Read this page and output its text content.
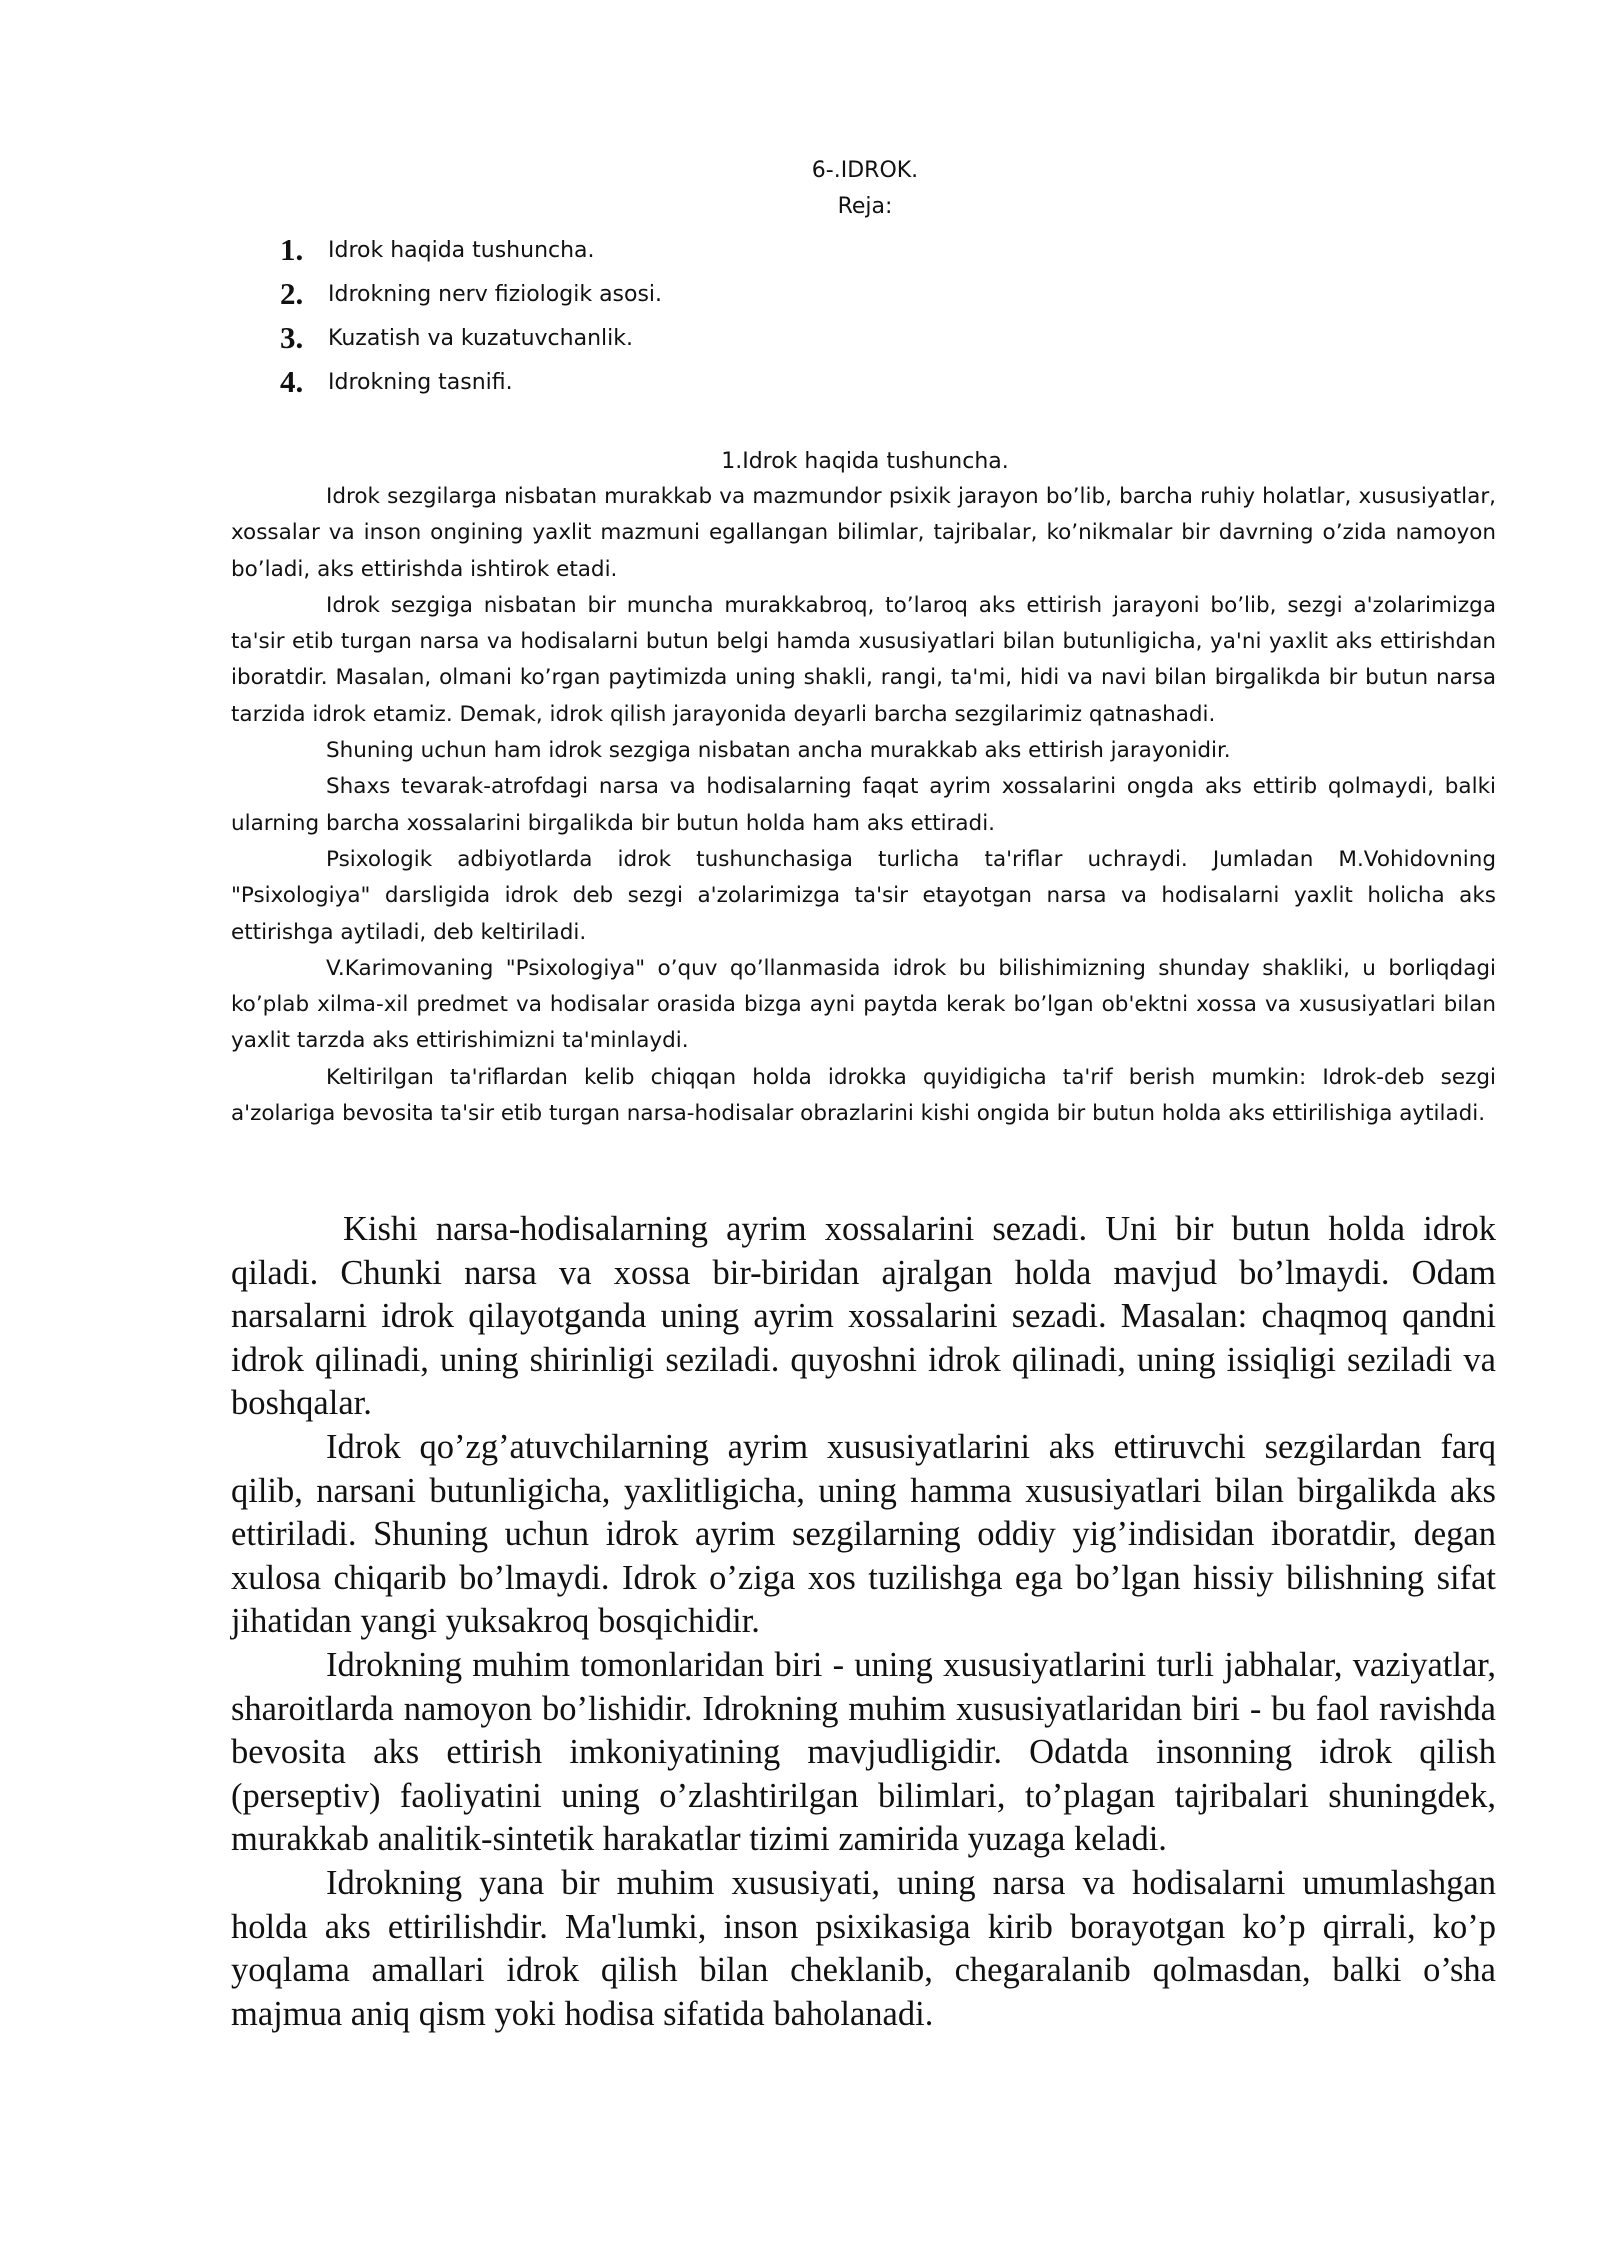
6-.IDROK.
Reja:
1.	Idrok haqida tushuncha.
2.	Idrokning nerv fiziologik asosi.
3.	Kuzatish va kuzatuvchanlik.
4.	Idrokning tasnifi.
1.Idrok haqida tushuncha.

Idrok sezgilarga nisbatan murakkab va mazmundor psixik jarayon bo’lib, barcha ruhiy holatlar, xususiyatlar, xossalar va inson ongining yaxlit mazmuni egallangan bilimlar, tajribalar, ko’nikmalar bir davrning o’zida namoyon bo’ladi, aks ettirishda ishtirok etadi.

Idrok sezgiga nisbatan bir muncha murakkabroq, to’laroq aks ettirish jarayoni bo’lib, sezgi a'zolarimizga ta'sir etib turgan narsa va hodisalarni butun belgi hamda xususiyatlari bilan butunligicha, ya'ni yaxlit aks ettirishdan iboratdir. Masalan, olmani ko’rgan paytimizda uning shakli, rangi, ta'mi, hidi va navi bilan birgalikda bir butun narsa tarzida idrok etamiz. Demak, idrok qilish jarayonida deyarli barcha sezgilarimiz qatnashadi.

Shuning uchun ham idrok sezgiga nisbatan ancha murakkab aks ettirish jarayonidir.

Shaxs tevarak-atrofdagi narsa va hodisalarning faqat ayrim xossalarini ongda aks ettirib qolmaydi, balki ularning barcha xossalarini birgalikda bir butun holda ham aks ettiradi.

Psixologik adbiyotlarda idrok tushunchasiga turlicha ta'riflar uchraydi. Jumladan M.Vohidovning "Psixologiya" darsligida idrok deb sezgi a'zolarimizga ta'sir etayotgan narsa va hodisalarni yaxlit holicha aks ettirishga aytiladi, deb keltiriladi.

V.Karimovaning "Psixologiya" o’quv qo’llanmasida idrok bu bilishimizning shunday shakliki, u borliqdagi ko’plab xilma-xil predmet va hodisalar orasida bizga ayni paytda kerak bo’lgan ob'ektni xossa va xususiyatlari bilan yaxlit tarzda aks ettirishimizni ta'minlaydi.

Keltirilgan ta'riflardan kelib chiqqan holda idrokka quyidigicha ta'rif berish mumkin: Idrok-deb sezgi a'zolariga bevosita ta'sir etib turgan narsa-hodisalar obrazlarini kishi ongida bir butun holda aks ettirilishiga aytiladi.

Kishi narsa-hodisalarning ayrim xossalarini sezadi. Uni bir butun holda idrok qiladi. Chunki narsa va xossa bir-biridan ajralgan holda mavjud bo’lmaydi. Odam narsalarni idrok qilayotganda uning ayrim xossalarini sezadi. Masalan: chaqmoq qandni idrok qilinadi, uning shirinligi seziladi. quyoshni idrok qilinadi, uning issiqligi seziladi va boshqalar.

Idrok qo’zg’atuvchilarning ayrim xususiyatlarini aks ettiruvchi sezgilardan farq qilib, narsani butunligicha, yaxlitligicha, uning hamma xususiyatlari bilan birgalikda aks ettiriladi. Shuning uchun idrok ayrim sezgilarning oddiy yig’indisidan iboratdir, degan xulosa chiqarib bo’lmaydi. Idrok o’ziga xos tuzilishga ega bo’lgan hissiy bilishning sifat jihatidan yangi yuksakroq bosqichidir.

Idrokning muhim tomonlaridan biri - uning xususiyatlarini turli jabhalar, vaziyatlar, sharoitlarda namoyon bo’lishidir. Idrokning muhim xususiyatlaridan biri - bu faol ravishda bevosita aks ettirish imkoniyatining mavjudligidir. Odatda insonning idrok qilish (perseptiv) faoliyatini uning o’zlashtirilgan bilimlari, to’plagan tajribalari shuningdek, murakkab analitik-sintetik harakatlar tizimi zamirida yuzaga keladi.

Idrokning yana bir muhim xususiyati, uning narsa va hodisalarni umumlashgan holda aks ettirilishdir. Ma'lumki, inson psixikasiga kirib borayotgan ko’p qirrali, ko’p yoqlama amallari idrok qilish bilan cheklanib, chegaralanib qolmasdan, balki o’sha majmua aniq qism yoki hodisa sifatida baholanadi.
